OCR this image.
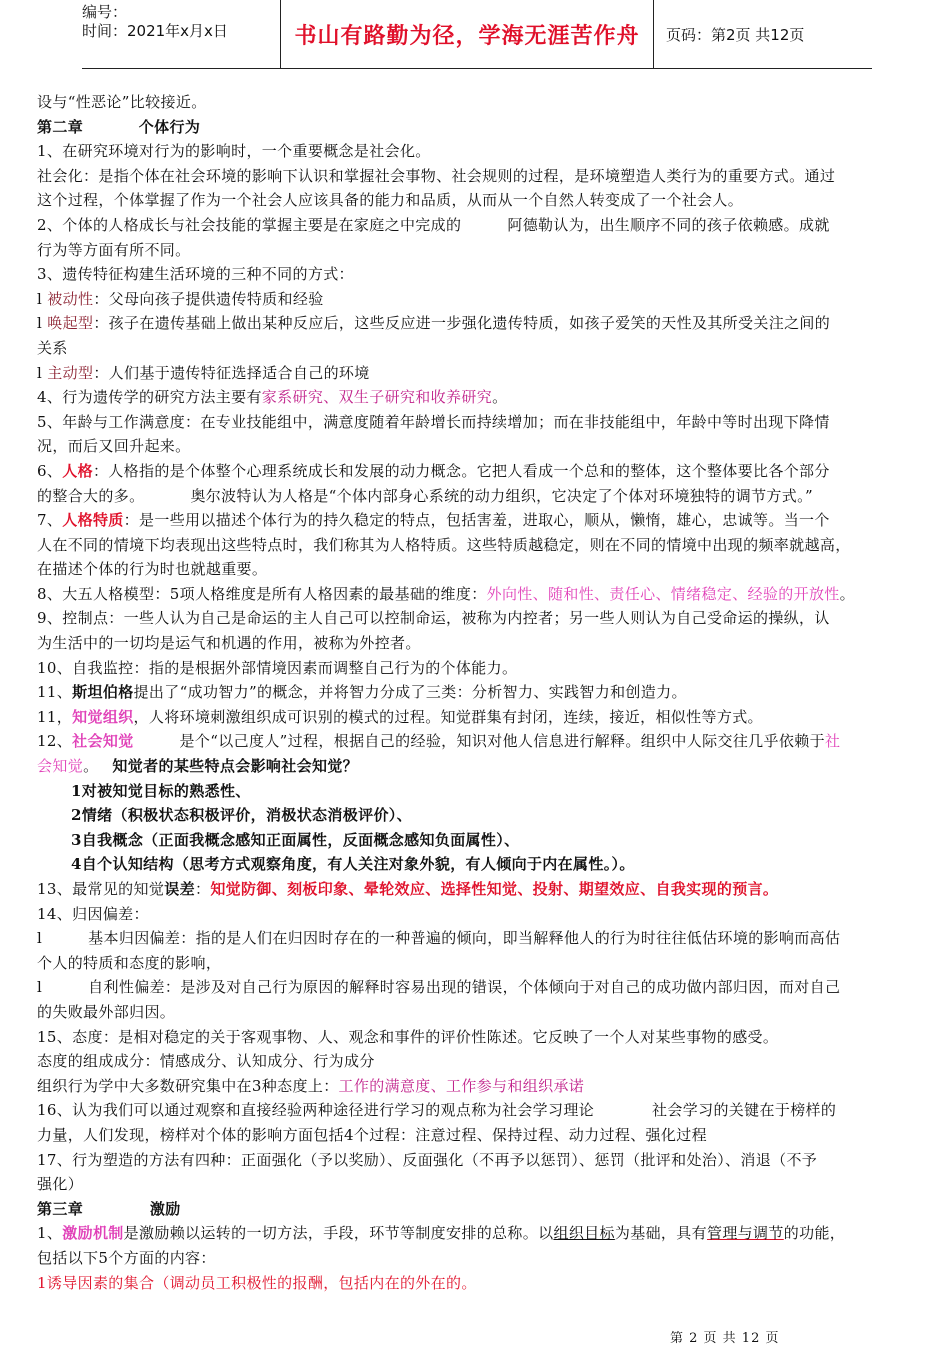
编号：
时间：2021年x月x日	书山有路勤为径，学海无涯苦作舟	页码：第2页 共12页
设与“性恶论”比较接近。
第二章          个体行为
1、在研究环境对行为的影响时，一个重要概念是社会化。
社会化：是指个体在社会环境的影响下认识和掌握社会事物、社会规则的过程，是环境塑造人类行为的重要方式。通过
这个过程，个体掌握了作为一个社会人应该具备的能力和品质，从而从一个自然人转变成了一个社会人。
2、个体的人格成长与社会技能的掌握主要是在家庭之中完成的	阿德勒认为，出生顺序不同的孩子依赖感。成就
行为等方面有所不同。
3、遗传特征构建生活环境的三种不同的方式：
l 被动性：父母向孩子提供遗传特质和经验
l 唤起型：孩子在遗传基础上做出某种反应后，这些反应进一步强化遗传特质，如孩子爱笑的天性及其所受关注之间的
关系
l 主动型：人们基于遗传特征选择适合自己的环境
4、行为遗传学的研究方法主要有家系研究、双生子研究和收养研究。
5、年龄与工作满意度：在专业技能组中，满意度随着年龄增长而持续增加；而在非技能组中，年龄中等时出现下降情
况，而后又回升起来。
6、人格：人格指的是个体整个心理系统成长和发展的动力概念。它把人看成一个总和的整体，这个整体要比各个部分
的整合大的多。	奥尔波特认为人格是“个体内部身心系统的动力组织，它决定了个体对环境独特的调节方式。”
7、人格特质：是一些用以描述个体行为的持久稳定的特点，包括害羞，进取心，顺从，懒惰，雄心，忠诚等。当一个
人在不同的情境下均表现出这些特点时，我们称其为人格特质。这些特质越稳定，则在不同的情境中出现的频率就越高，
在描述个体的行为时也就越重要。
8、大五人格模型：5项人格维度是所有人格因素的最基础的维度：外向性、随和性、责任心、情绪稳定、经验的开放性。
9、控制点：一些人认为自己是命运的主人自己可以控制命运，被称为内控者；另一些人则认为自己受命运的操纵，认
为生活中的一切均是运气和机遇的作用，被称为外控者。
10、自我监控：指的是根据外部情境因素而调整自己行为的个体能力。
11、斯坦伯格提出了“成功智力”的概念，并将智力分成了三类：分析智力、实践智力和创造力。
11，知觉组织，人将环境刺激组织成可识别的模式的过程。知觉群集有封闭，连续，接近，相似性等方式。
12、社会知觉	是个“以己度人”过程，根据自己的经验，知识对他人信息进行解释。组织中人际交往几乎依赖于社
会知觉。 知觉者的某些特点会影响社会知觉？
1对被知觉目标的熟悉性、
2情绪（积极状态积极评价，消极状态消极评价）、
3自我概念（正面我概念感知正面属性，反面概念感知负面属性）、
4自个认知结构（思考方式观察角度，有人关注对象外貌，有人倾向于内在属性。）。
13、最常见的知觉误差：知觉防御、刻板印象、晕轮效应、选择性知觉、投射、期望效应、自我实现的预言。
14、归因偏差：
l	基本归因偏差：指的是人们在归因时存在的一种普遍的倾向，即当解释他人的行为时往往低估环境的影响而高估
个人的特质和态度的影响，
l	自利性偏差：是涉及对自己行为原因的解释时容易出现的错误，个体倾向于对自己的成功做内部归因，而对自己
的失败最外部归因。
15、态度：是相对稳定的关于客观事物、人、观念和事件的评价性陈述。它反映了一个人对某些事物的感受。
态度的组成成分：情感成分、认知成分、行为成分
组织行为学中大多数研究集中在3种态度上：工作的满意度、工作参与和组织承诺
16、认为我们可以通过观察和直接经验两种途径进行学习的观点称为社会学习理论	社会学习的关键在于榜样的
力量，人们发现，榜样对个体的影响方面包括4个过程：注意过程、保持过程、动力过程、强化过程
17、行为塑造的方法有四种：正面强化（予以奖励）、反面强化（不再予以惩罚）、惩罚（批评和处治）、消退（不予
强化）
第三章            激励
1、激励机制是激励赖以运转的一切方法，手段，环节等制度安排的总称。以组织目标为基础，具有管理与调节的功能，
包括以下5个方面的内容：
1诱导因素的集合（调动员工积极性的报酬，包括内在的外在的。
第 2 页 共 12 页
